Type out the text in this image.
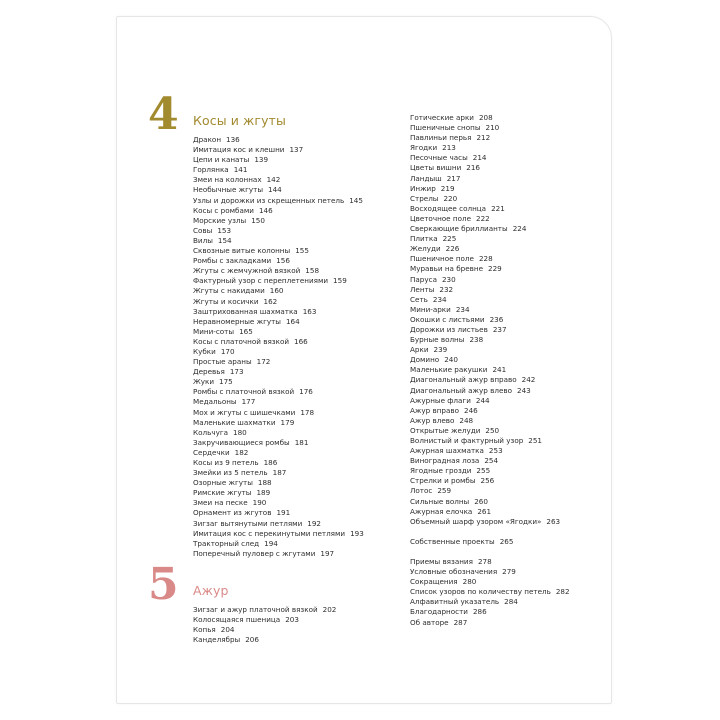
4 Косы и жгуты
Дракон 136
Имитация кос и клешни 137
Цепи и канаты 139
Горлянка 141
Змеи на колоннах 142
Необычные жгуты 144
Узлы и дорожки из скрещенных петель 145
Косы с ромбами 146
Морские узлы 150
Совы 153
Вилы 154
Сквозные витые колонны 155
Ромбы с закладками 156
Жгуты с жемчужной вязкой 158
Фактурный узор с переплетениями 159
Жгуты с накидами 160
Жгуты и косички 162
Заштрихованная шахматка 163
Неравномерные жгуты 164
Мини-соты 165
Косы с платочной вязкой 166
Кубки 170
Простые араны 172
Деревья 173
Жуки 175
Ромбы с платочной вязкой 176
Медальоны 177
Мох и жгуты с шишечками 178
Маленькие шахматки 179
Кольчуга 180
Закручивающиеся ромбы 181
Сердечки 182
Косы из 9 петель 186
Змейки из 5 петель 187
Озорные жгуты 188
Римские жгуты 189
Змеи на песке 190
Орнамент из жгутов 191
Зигзаг вытянутыми петлями 192
Имитация кос с перекинутыми петлями 193
Тракторный след 194
Поперечный пуловер с жгутами 197
5 Ажур
Зигзаг и ажур платочной вязкой 202
Колосящаяся пшеница 203
Копья 204
Канделябры 206
Готические арки 208
Пшеничные снопы 210
Павлиньи перья 212
Ягодки 213
Песочные часы 214
Цветы вишни 216
Ландыш 217
Инжир 219
Стрелы 220
Восходящее солнца 221
Цветочное поле 222
Сверкающие бриллианты 224
Плитка 225
Желуди 226
Пшеничное поле 228
Муравьи на бревне 229
Паруса 230
Ленты 232
Сеть 234
Мини-арки 234
Окошки с листьями 236
Дорожки из листьев 237
Бурные волны 238
Арки 239
Домино 240
Маленькие ракушки 241
Диагональный ажур вправо 242
Диагональный ажур влево 243
Ажурные флаги 244
Ажур вправо 246
Ажур влево 248
Открытые желуди 250
Волнистый и фактурный узор 251
Ажурная шахматка 253
Виноградная лоза 254
Ягодные грозди 255
Стрелки и ромбы 256
Лотос 259
Сильные волны 260
Ажурная елочка 261
Объемный шарф узором «Ягодки» 263
Собственные проекты 265
Приемы вязания 278
Условные обозначения 279
Сокращения 280
Список узоров по количеству петель 282
Алфавитный указатель 284
Благодарности 286
Об авторе 287
